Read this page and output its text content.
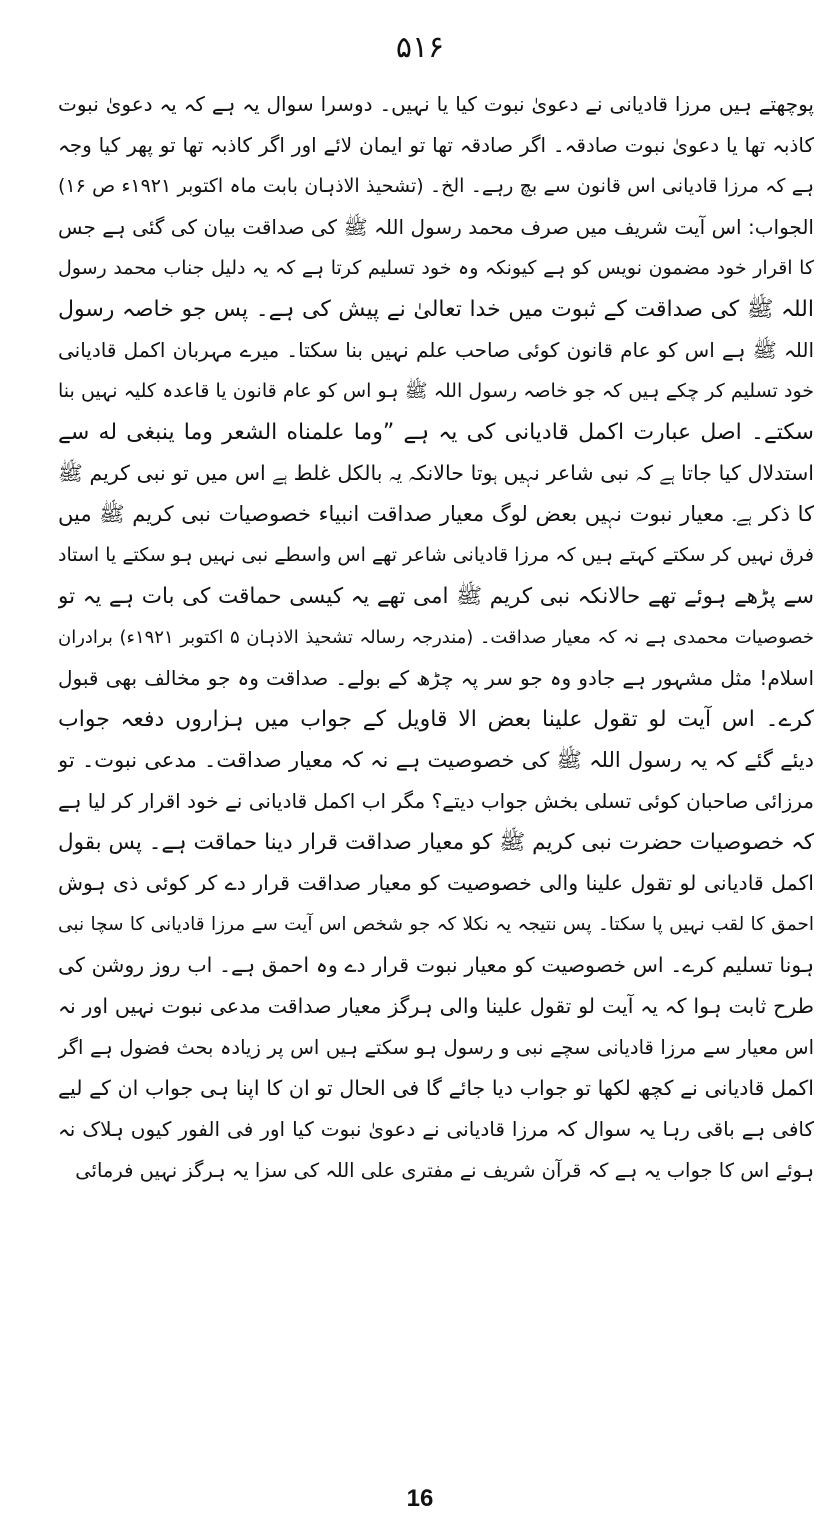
۵۱۶
پوچھتے ہیں مرزا قادیانی نے دعویٰ نبوت کیا یا نہیں۔ دوسرا سوال یہ ہے کہ یہ دعویٰ نبوت
کاذبہ تھا یا دعویٰ نبوت صادقہ۔ اگر صادقہ تھا تو ایمان لائے اور اگر کاذبہ تھا تو پھر کیا وجہ
ہے کہ مرزا قادیانی اس قانون سے بچ رہے۔ الخ۔ (تشحیذ الاذہان بابت ماہ اکتوبر ۱۹۲۱ء ص ۱۶)
الجواب: اس آیت شریف میں صرف محمد رسول اللہ ﷺ کی صداقت بیان کی گئی ہے جس
کا اقرار خود مضمون نویس کو ہے کیونکہ وہ خود تسلیم کرتا ہے کہ یہ دلیل جناب محمد رسول
اللہ ﷺ کی صداقت کے ثبوت میں خدا تعالیٰ نے پیش کی ہے۔ پس جو خاصہ رسول
اللہ ﷺ ہے اس کو عام قانون کوئی صاحب علم نہیں بنا سکتا۔ میرے مہربان اکمل قادیانی
خود تسلیم کر چکے ہیں کہ جو خاصہ رسول اللہ ﷺ ہو اس کو عام قانون یا قاعدہ کلیہ نہیں بنا
سکتے۔ اصل عبارت اکمل قادیانی کی یہ ہے ”وما علمناه الشعر وما ینبغی له سے
استدلال کیا جاتا ہے کہ نبی شاعر نہیں ہوتا حالانکہ یہ بالکل غلط ہے اس میں تو نبی کریم ﷺ
کا ذکر ہے۔ معیار نبوت نہیں بعض لوگ معیار صداقت انبیاء خصوصیات نبی کریم ﷺ میں
فرق نہیں کر سکتے کہتے ہیں کہ مرزا قادیانی شاعر تھے اس واسطے نبی نہیں ہو سکتے یا استاد
سے پڑھے ہوئے تھے حالانکہ نبی کریم ﷺ امی تھے یہ کیسی حماقت کی بات ہے یہ تو
خصوصیات محمدی ہے نہ کہ معیار صداقت۔ (مندرجہ رسالہ تشحیذ الاذہان ۵ اکتوبر ۱۹۲۱ء) برادران
اسلام! مثل مشہور ہے جادو وہ جو سر پہ چڑھ کے بولے۔ صداقت وہ جو مخالف بھی قبول
کرے۔ اس آیت لو تقول علینا بعض الا قاویل کے جواب میں ہزاروں دفعہ جواب
دیئے گئے کہ یہ رسول اللہ ﷺ کی خصوصیت ہے نہ کہ معیار صداقت۔ مدعی نبوت۔ تو
مرزائی صاحبان کوئی تسلی بخش جواب دیتے؟ مگر اب اکمل قادیانی نے خود اقرار کر لیا ہے
کہ خصوصیات حضرت نبی کریم ﷺ کو معیار صداقت قرار دینا حماقت ہے۔ پس بقول
اکمل قادیانی لو تقول علینا والی خصوصیت کو معیار صداقت قرار دے کر کوئی ذی ہوش
احمق کا لقب نہیں پا سکتا۔ پس نتیجہ یہ نکلا کہ جو شخص اس آیت سے مرزا قادیانی کا سچا نبی
ہونا تسلیم کرے۔ اس خصوصیت کو معیار نبوت قرار دے وہ احمق ہے۔ اب روز روشن کی
طرح ثابت ہوا کہ یہ آیت لو تقول علینا والی ہرگز معیار صداقت مدعی نبوت نہیں اور نہ
اس معیار سے مرزا قادیانی سچے نبی و رسول ہو سکتے ہیں اس پر زیادہ بحث فضول ہے اگر
اکمل قادیانی نے کچھ لکھا تو جواب دیا جائے گا فی الحال تو ان کا اپنا ہی جواب ان کے لیے
کافی ہے باقی رہا یہ سوال کہ مرزا قادیانی نے دعویٰ نبوت کیا اور فی الفور کیوں ہلاک نہ
ہوئے اس کا جواب یہ ہے کہ قرآن شریف نے مفتری علی اللہ کی سزا یہ ہرگز نہیں فرمائی
16
